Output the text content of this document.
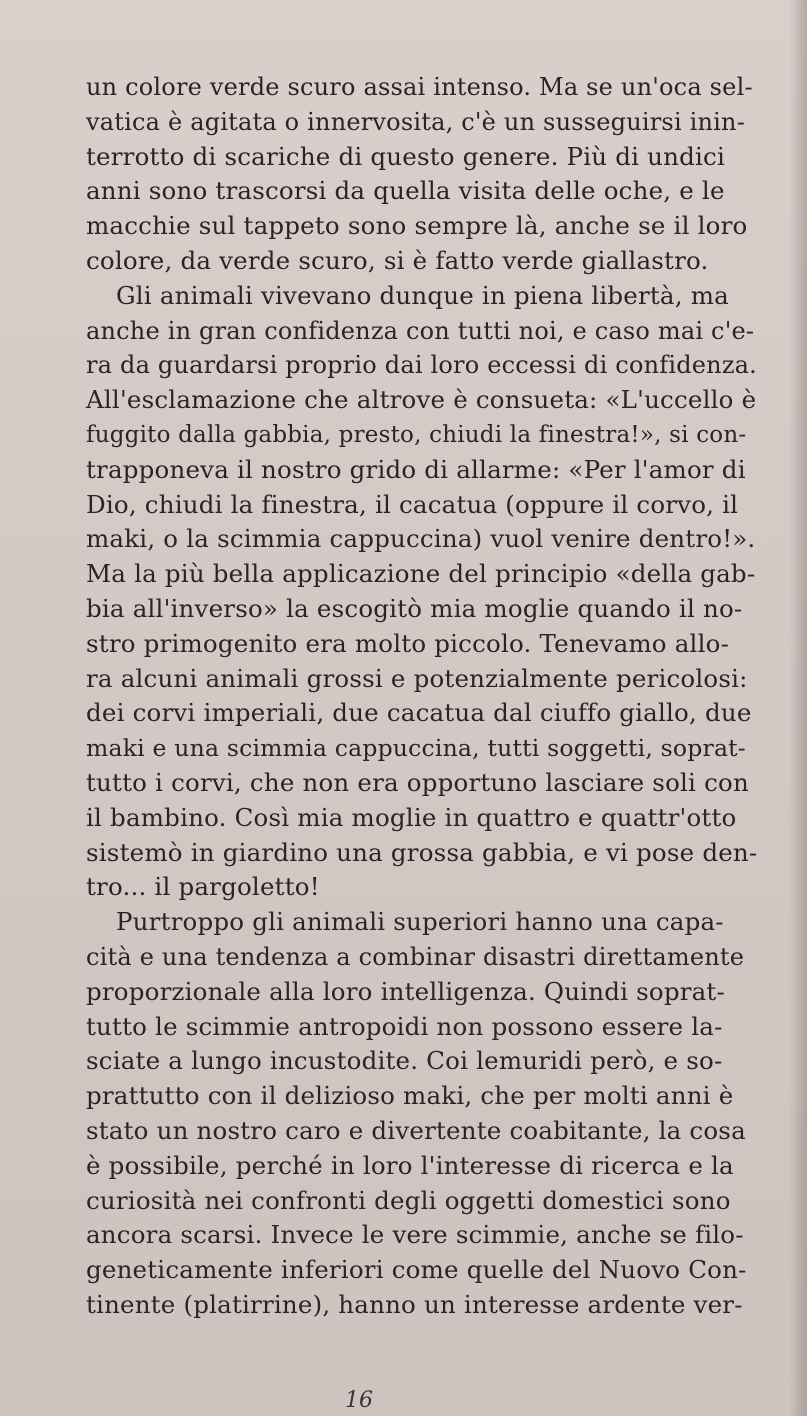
un colore verde scuro assai intenso. Ma se un'oca sel-
vatica è agitata o innervosita, c'è un susseguirsi inin-
terrotto di scariche di questo genere. Più di undici
anni sono trascorsi da quella visita delle oche, e le
macchie sul tappeto sono sempre là, anche se il loro
colore, da verde scuro, si è fatto verde giallastro.
Gli animali vivevano dunque in piena libertà, ma
anche in gran confidenza con tutti noi, e caso mai c'e-
ra da guardarsi proprio dai loro eccessi di confidenza.
All'esclamazione che altrove è consueta: «L'uccello è
fuggito dalla gabbia, presto, chiudi la finestra!», si con-
trapponeva il nostro grido di allarme: «Per l'amor di
Dio, chiudi la finestra, il cacatua (oppure il corvo, il
maki, o la scimmia cappuccina) vuol venire dentro!».
Ma la più bella applicazione del principio «della gab-
bia all'inverso» la escogitò mia moglie quando il no-
stro primogenito era molto piccolo. Tenevamo allo-
ra alcuni animali grossi e potenzialmente pericolosi:
dei corvi imperiali, due cacatua dal ciuffo giallo, due
maki e una scimmia cappuccina, tutti soggetti, soprat-
tutto i corvi, che non era opportuno lasciare soli con
il bambino. Così mia moglie in quattro e quattr'otto
sistemò in giardino una grossa gabbia, e vi pose den-
tro... il pargoletto!
Purtroppo gli animali superiori hanno una capa-
cità e una tendenza a combinar disastri direttamente
proporzionale alla loro intelligenza. Quindi soprat-
tutto le scimmie antropoidi non possono essere la-
sciate a lungo incustodite. Coi lemuridi però, e so-
prattutto con il delizioso maki, che per molti anni è
stato un nostro caro e divertente coabitante, la cosa
è possibile, perché in loro l'interesse di ricerca e la
curiosità nei confronti degli oggetti domestici sono
ancora scarsi. Invece le vere scimmie, anche se filo-
geneticamente inferiori come quelle del Nuovo Con-
tinente (platirrine), hanno un interesse ardente ver-
16
